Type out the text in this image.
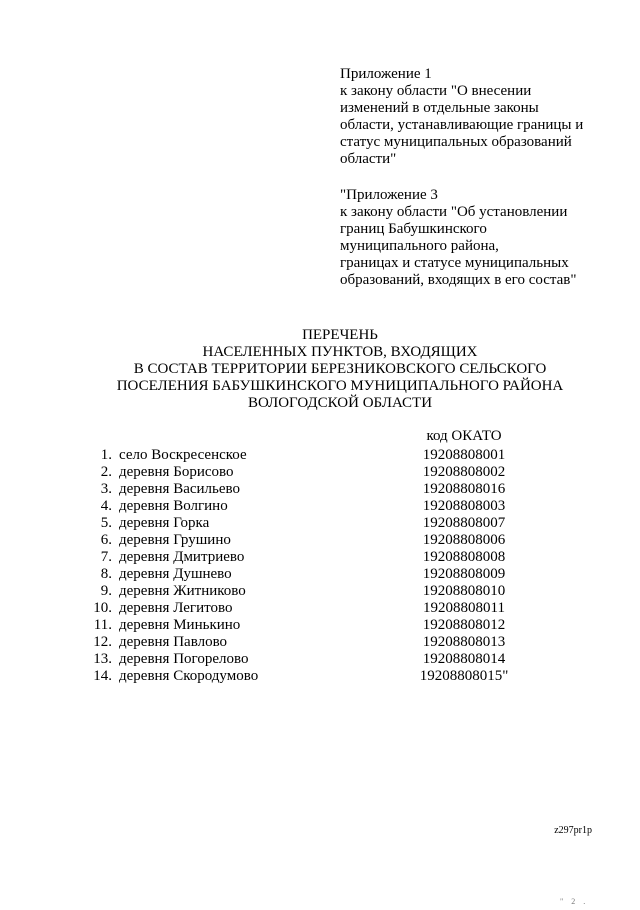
Приложение 1
к закону области "О внесении
изменений в отдельные законы
области, устанавливающие границы и
статус муниципальных образований
области"
"Приложение 3
к закону области "Об установлении
границ Бабушкинского
муниципального района,
границах и статусе муниципальных
образований, входящих в его состав"
ПЕРЕЧЕНЬ
НАСЕЛЕННЫХ ПУНКТОВ, ВХОДЯЩИХ
В СОСТАВ ТЕРРИТОРИИ БЕРЕЗНИКОВСКОГО СЕЛЬСКОГО
ПОСЕЛЕНИЯ БАБУШКИНСКОГО МУНИЦИПАЛЬНОГО РАЙОНА
ВОЛОГОДСКОЙ ОБЛАСТИ
код ОКАТО
1. село Воскресенское	19208808001
2. деревня Борисово	19208808002
3. деревня Васильево	19208808016
4. деревня Волгино	19208808003
5. деревня Горка	19208808007
6. деревня Грушино	19208808006
7. деревня Дмитриево	19208808008
8. деревня Душнево	19208808009
9. деревня Житниково	19208808010
10. деревня Легитово	19208808011
11. деревня Минькино	19208808012
12. деревня Павлово	19208808013
13. деревня Погорелово	19208808014
14. деревня Скородумово	19208808015"
z297pr1p
" 2 .
